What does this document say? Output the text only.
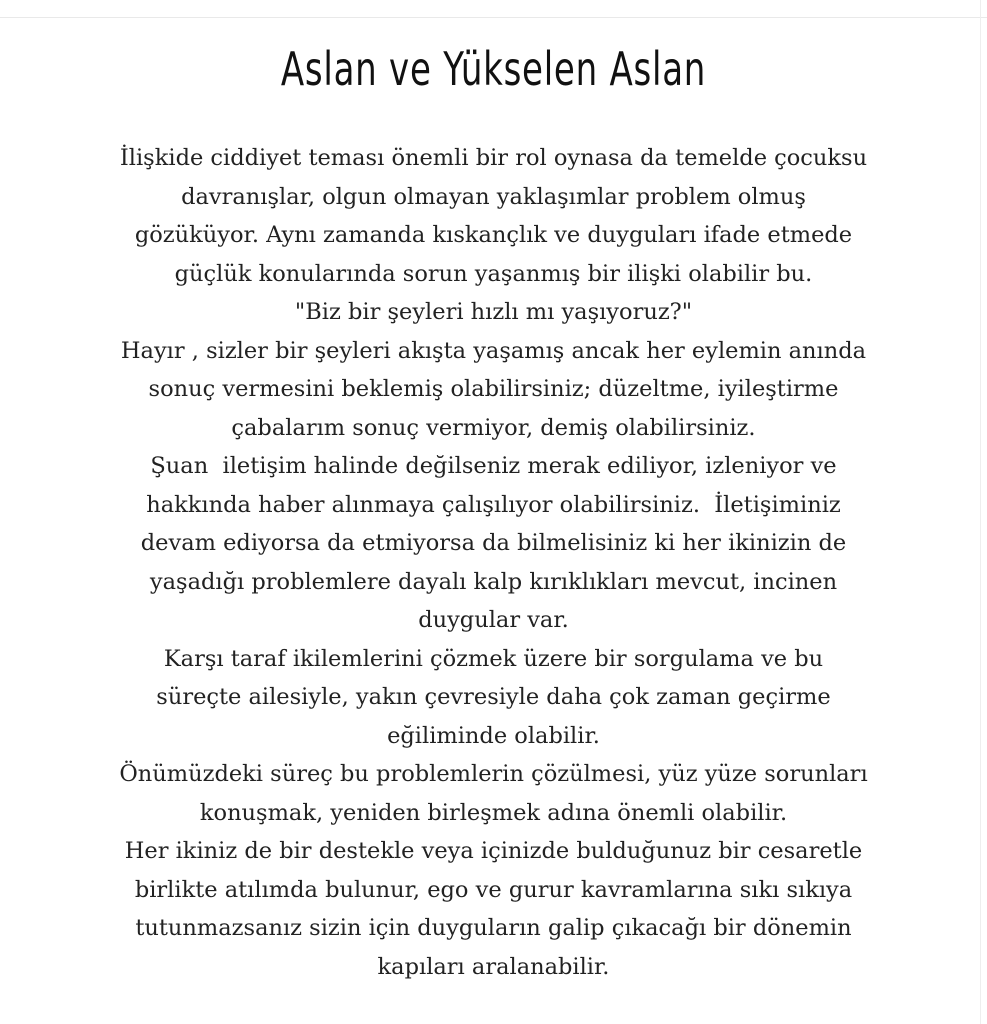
Aslan ve Yükselen Aslan
İlişkide ciddiyet teması önemli bir rol oynasa da temelde çocuksu
davranışlar, olgun olmayan yaklaşımlar problem olmuş
gözüküyor. Aynı zamanda kıskançlık ve duyguları ifade etmede
güçlük konularında sorun yaşanmış bir ilişki olabilir bu.
"Biz bir şeyleri hızlı mı yaşıyoruz?"
Hayır , sizler bir şeyleri akışta yaşamış ancak her eylemin anında
sonuç vermesini beklemiş olabilirsiniz; düzeltme, iyileştirme
çabalarım sonuç vermiyor, demiş olabilirsiniz.
Şuan  iletişim halinde değilseniz merak ediliyor, izleniyor ve
hakkında haber alınmaya çalışılıyor olabilirsiniz.  İletişiminiz
devam ediyorsa da etmiyorsa da bilmelisiniz ki her ikinizin de
yaşadığı problemlere dayalı kalp kırıklıkları mevcut, incinen
duygular var.
Karşı taraf ikilemlerini çözmek üzere bir sorgulama ve bu
süreçte ailesiyle, yakın çevresiyle daha çok zaman geçirme
eğiliminde olabilir.
Önümüzdeki süreç bu problemlerin çözülmesi, yüz yüze sorunları
konuşmak, yeniden birleşmek adına önemli olabilir.
Her ikiniz de bir destekle veya içinizde bulduğunuz bir cesaretle
birlikte atılımda bulunur, ego ve gurur kavramlarına sıkı sıkıya
tutunmazsanız sizin için duyguların galip çıkacağı bir dönemin
kapıları aralanabilir.
